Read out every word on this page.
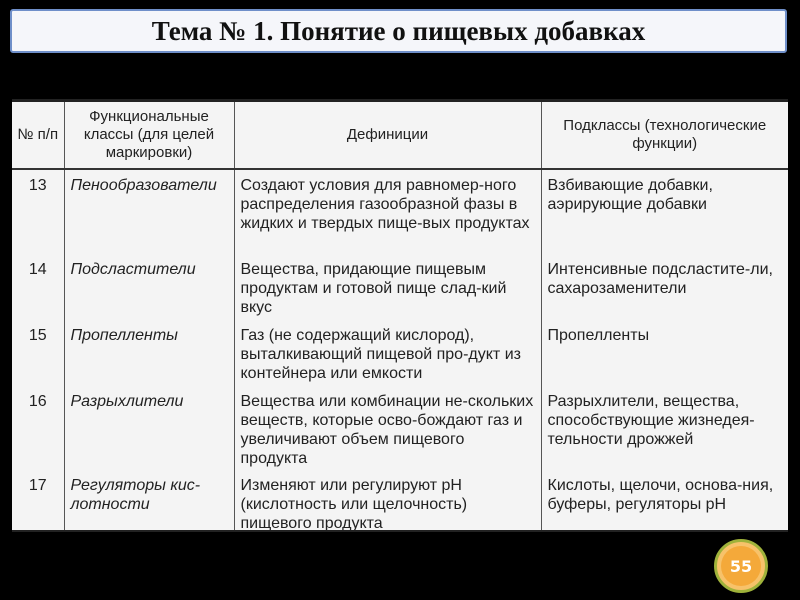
Тема № 1. Понятие о пищевых добавках
№ п/п	Функциональные классы (для целей маркировки)	Дефиниции	Подклассы (технологические функции)
13	Пенообразователи	Создают условия для равномер-ного распределения газообразной фазы в жидких и твердых пище-вых продуктах	Взбивающие добавки, аэрирующие добавки
14	Подсластители	Вещества, придающие пищевым продуктам и готовой пище слад-кий вкус	Интенсивные подсластите-ли, сахарозаменители
15	Пропелленты	Газ (не содержащий кислород), выталкивающий пищевой про-дукт из контейнера или емкости	Пропелленты
16	Разрыхлители	Вещества или комбинации не-скольких веществ, которые осво-бождают газ и увеличивают объем пищевого продукта	Разрыхлители, вещества, способствующие жизнедея-тельности дрожжей
17	Регуляторы кис-лотности	Изменяют или регулируют pH (кислотность или щелочность) пищевого продукта	Кислоты, щелочи, основа-ния, буферы, регуляторы pH
55
